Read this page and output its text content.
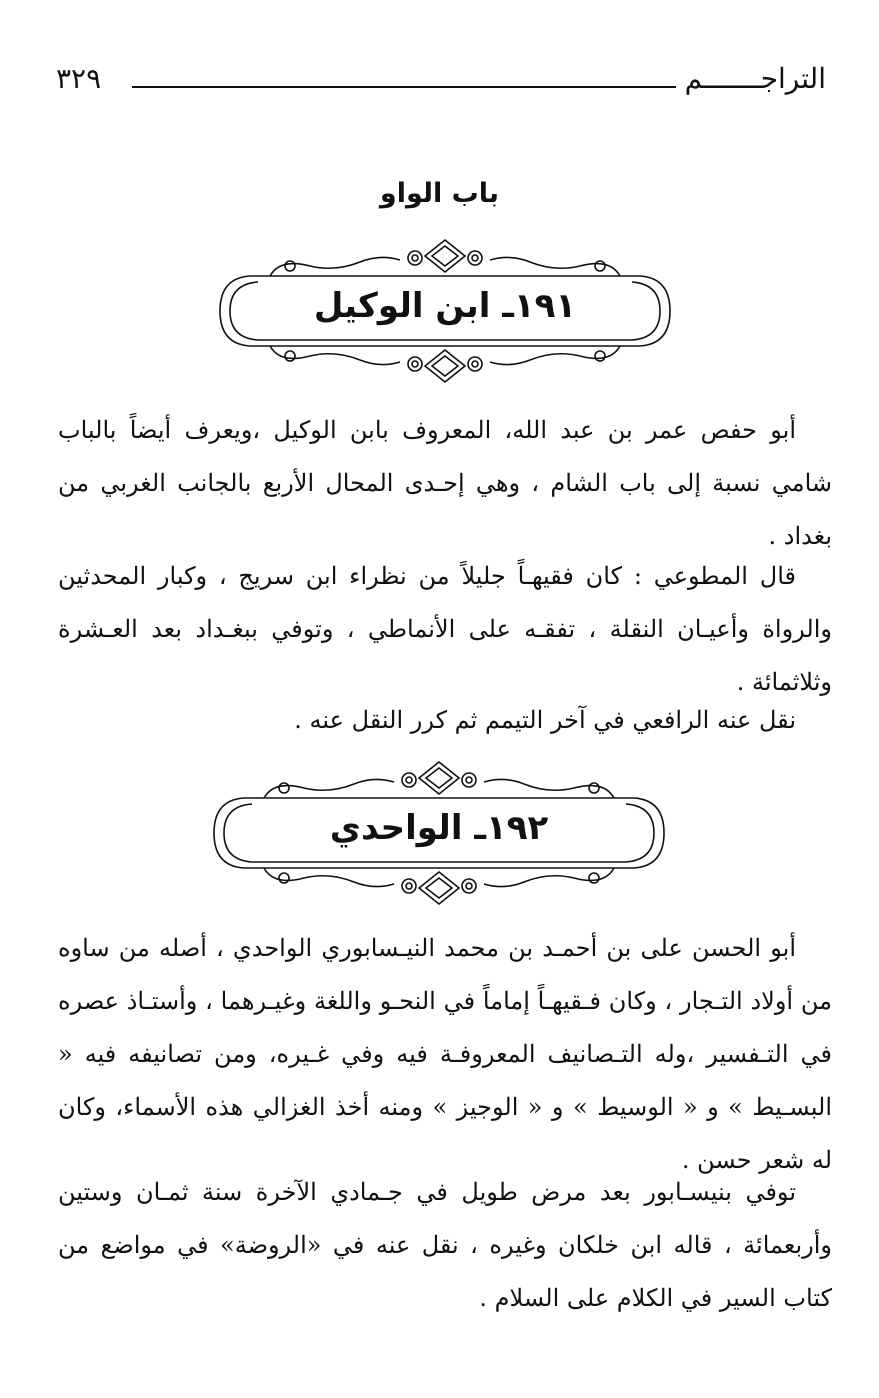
التراجـــــــم
٣٢٩
باب الواو
١٩١ـ ابن الوكيل
أبو حفص عمر بن عبد الله، المعروف بابن الوكيل ،ويعرف أيضاً بالباب شامي نسبة إلى باب الشام ، وهي إحـدى المحال الأربع بالجانب الغربي من بغداد .
قال المطوعي : كان فقيهـاً جليلاً من نظراء ابن سريج ، وكبار المحدثين والرواة وأعيـان النقلة ، تفقـه على الأنماطي ، وتوفي ببغـداد بعد العـشرة وثلاثمائة .
نقل عنه الرافعي في آخر التيمم ثم كرر النقل عنه .
١٩٢ـ الواحدي
أبو الحسن على بن أحمـد بن محمد النيـسابوري الواحدي ، أصله من ساوه من أولاد التـجار ، وكان فـقيهـاً إماماً في النحـو واللغة وغيـرهما ، وأستـاذ عصره في التـفسير ،وله التـصانيف المعروفـة فيه وفي غـيره، ومن تصانيفه فيه « البسـيط » و « الوسيط » و « الوجيز » ومنه أخذ الغزالي هذه الأسماء، وكان له شعر حسن .
توفي بنيسـابور بعد مرض طويل في جـمادي الآخرة سنة ثمـان وستين وأربعمائة ، قاله ابن خلكان وغيره ، نقل عنه في «الروضة» في مواضع من كتاب السير في الكلام على السلام .
